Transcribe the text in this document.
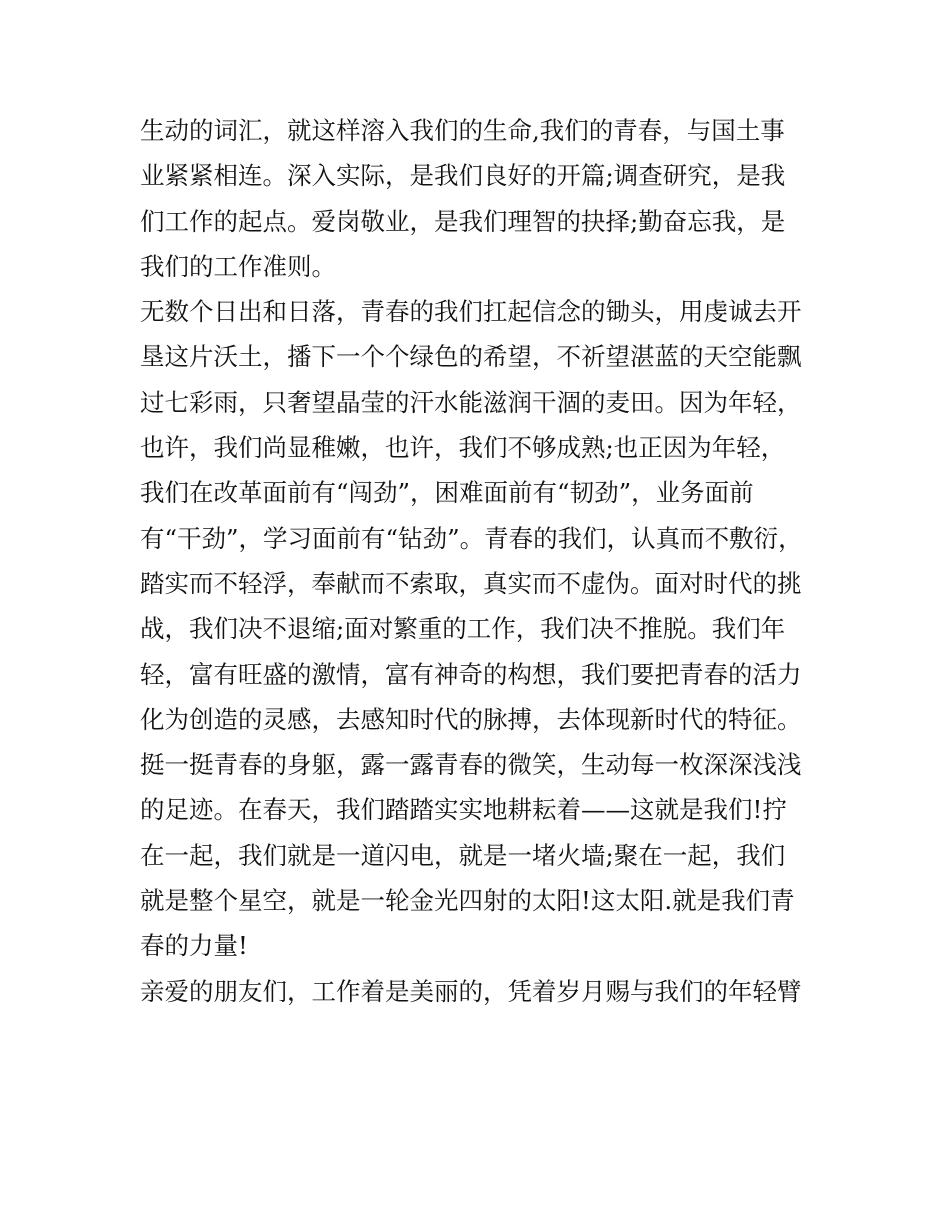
生动的词汇，就这样溶入我们的生命,我们的青春，与国土事
业紧紧相连。深入实际，是我们良好的开篇;调查研究，是我
们工作的起点。爱岗敬业，是我们理智的抉择;勤奋忘我，是
我们的工作准则。
无数个日出和日落，青春的我们扛起信念的锄头，用虔诚去开
垦这片沃土，播下一个个绿色的希望，不祈望湛蓝的天空能飘
过七彩雨，只奢望晶莹的汗水能滋润干涸的麦田。因为年轻，
也许，我们尚显稚嫩，也许，我们不够成熟;也正因为年轻，
我们在改革面前有“闯劲”，困难面前有“韧劲”，业务面前
有“干劲”，学习面前有“钻劲”。青春的我们，认真而不敷衍，
踏实而不轻浮，奉献而不索取，真实而不虚伪。面对时代的挑
战，我们决不退缩;面对繁重的工作，我们决不推脱。我们年
轻，富有旺盛的激情，富有神奇的构想，我们要把青春的活力
化为创造的灵感，去感知时代的脉搏，去体现新时代的特征。
挺一挺青春的身躯，露一露青春的微笑，生动每一枚深深浅浅
的足迹。在春天，我们踏踏实实地耕耘着——这就是我们!拧
在一起，我们就是一道闪电，就是一堵火墙;聚在一起，我们
就是整个星空，就是一轮金光四射的太阳!这太阳.就是我们青
春的力量!
亲爱的朋友们，工作着是美丽的，凭着岁月赐与我们的年轻臂
